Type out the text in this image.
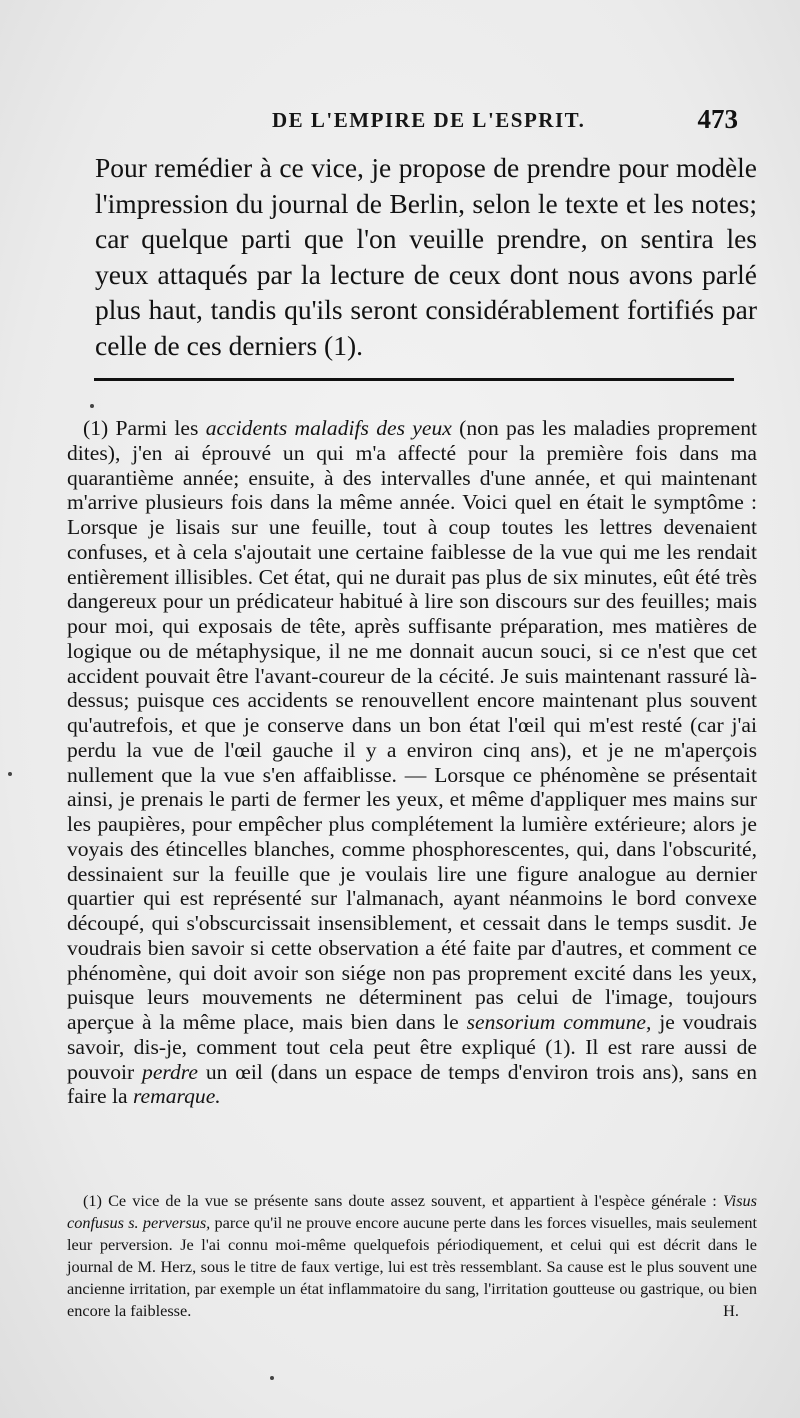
DE L'EMPIRE DE L'ESPRIT.	473

Pour remédier à ce vice, je propose de prendre pour modèle l'impression du journal de Berlin, selon le texte et les notes; car quelque parti que l'on veuille prendre, on sentira les yeux attaqués par la lecture de ceux dont nous avons parlé plus haut, tandis qu'ils seront considérablement fortifiés par celle de ces derniers (1).

(1) Parmi les accidents maladifs des yeux (non pas les maladies proprement dites), j'en ai éprouvé un qui m'a affecté pour la première fois dans ma quarantième année; ensuite, à des intervalles d'une année, et qui maintenant m'arrive plusieurs fois dans la même année. Voici quel en était le symptôme : Lorsque je lisais sur une feuille, tout à coup toutes les lettres devenaient confuses, et à cela s'ajoutait une certaine faiblesse de la vue qui me les rendait entièrement illisibles. Cet état, qui ne durait pas plus de six minutes, eût été très dangereux pour un prédicateur habitué à lire son discours sur des feuilles; mais pour moi, qui exposais de tête, après suffisante préparation, mes matières de logique ou de métaphysique, il ne me donnait aucun souci, si ce n'est que cet accident pouvait être l'avant-coureur de la cécité. Je suis maintenant rassuré là-dessus; puisque ces accidents se renouvellent encore maintenant plus souvent qu'autrefois, et que je conserve dans un bon état l'œil qui m'est resté (car j'ai perdu la vue de l'œil gauche il y a environ cinq ans), et je ne m'aperçois nullement que la vue s'en affaiblisse. — Lorsque ce phénomène se présentait ainsi, je prenais le parti de fermer les yeux, et même d'appliquer mes mains sur les paupières, pour empêcher plus complétement la lumière extérieure; alors je voyais des étincelles blanches, comme phosphorescentes, qui, dans l'obscurité, dessinaient sur la feuille que je voulais lire une figure analogue au dernier quartier qui est représenté sur l'almanach, ayant néanmoins le bord convexe découpé, qui s'obscurcissait insensiblement, et cessait dans le temps susdit. Je voudrais bien savoir si cette observation a été faite par d'autres, et comment ce phénomène, qui doit avoir son siége non pas proprement excité dans les yeux, puisque leurs mouvements ne déterminent pas celui de l'image, toujours aperçue à la même place, mais bien dans le sensorium commune, je voudrais savoir, dis-je, comment tout cela peut être expliqué (1). Il est rare aussi de pouvoir perdre un œil (dans un espace de temps d'environ trois ans), sans en faire la remarque.

(1) Ce vice de la vue se présente sans doute assez souvent, et appartient à l'espèce générale : Visus confusus s. perversus, parce qu'il ne prouve encore aucune perte dans les forces visuelles, mais seulement leur perversion. Je l'ai connu moi-même quelquefois périodiquement, et celui qui est décrit dans le journal de M. Herz, sous le titre de faux vertige, lui est très ressemblant. Sa cause est le plus souvent une ancienne irritation, par exemple un état inflammatoire du sang, l'irritation goutteuse ou gastrique, ou bien encore la faiblesse.	H.
